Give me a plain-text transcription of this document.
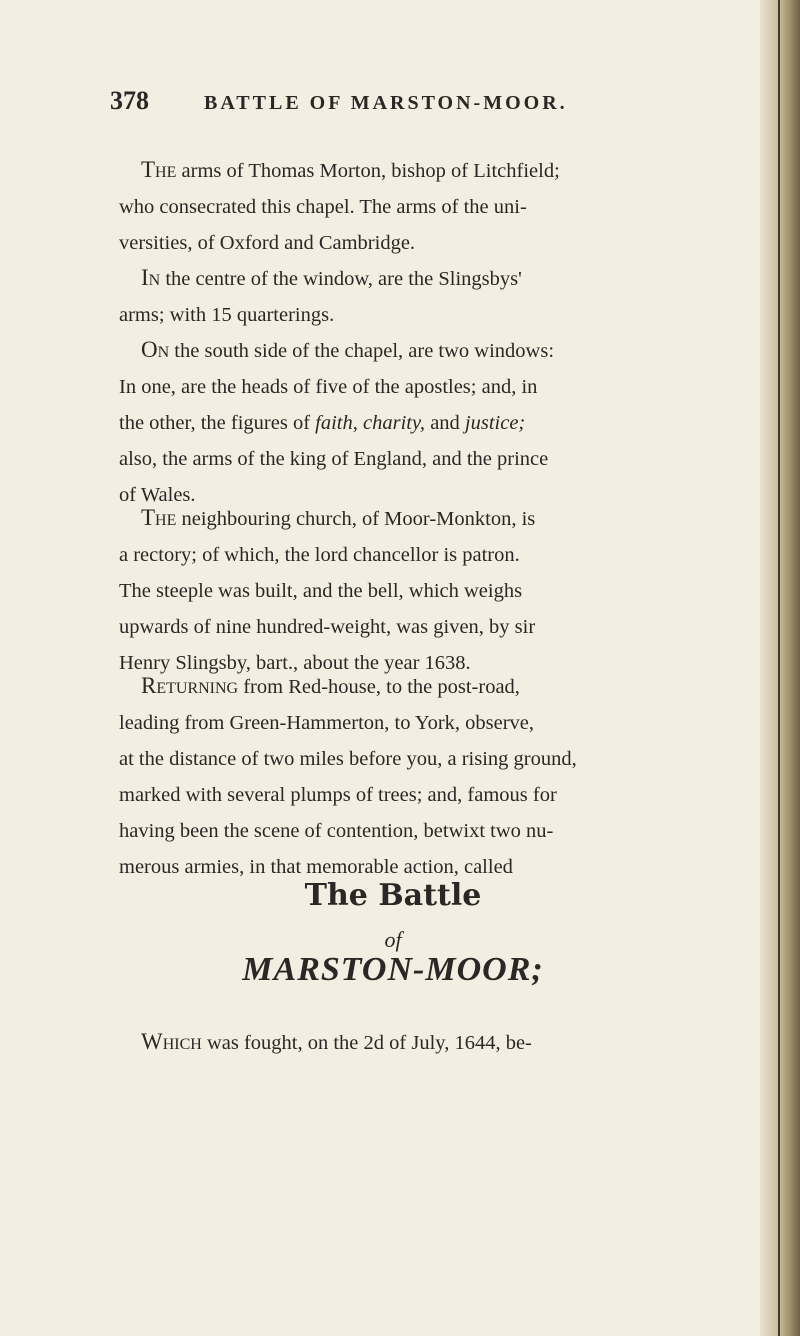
378	BATTLE OF MARSTON-MOOR.

The arms of Thomas Morton, bishop of Litchfield;

who consecrated this chapel. The arms of the uni-

versities, of Oxford and Cambridge.

In the centre of the window, are the Slingsbys'

arms; with 15 quarterings.

On the south side of the chapel, are two windows:

In one, are the heads of five of the apostles; and, in

the other, the figures of faith, charity, and justice;

also, the arms of the king of England, and the prince

of Wales.

The neighbouring church, of Moor-Monkton, is

a rectory; of which, the lord chancellor is patron.

The steeple was built, and the bell, which weighs

upwards of nine hundred-weight, was given, by sir

Henry Slingsby, bart., about the year 1638.

Returning from Red-house, to the post-road,

leading from Green-Hammerton, to York, observe,

at the distance of two miles before you, a rising ground,

marked with several plumps of trees; and, famous for

having been the scene of contention, betwixt two nu-

merous armies, in that memorable action, called

The Battle
of
MARSTON-MOOR;
Which was fought, on the 2d of July, 1644, be-
